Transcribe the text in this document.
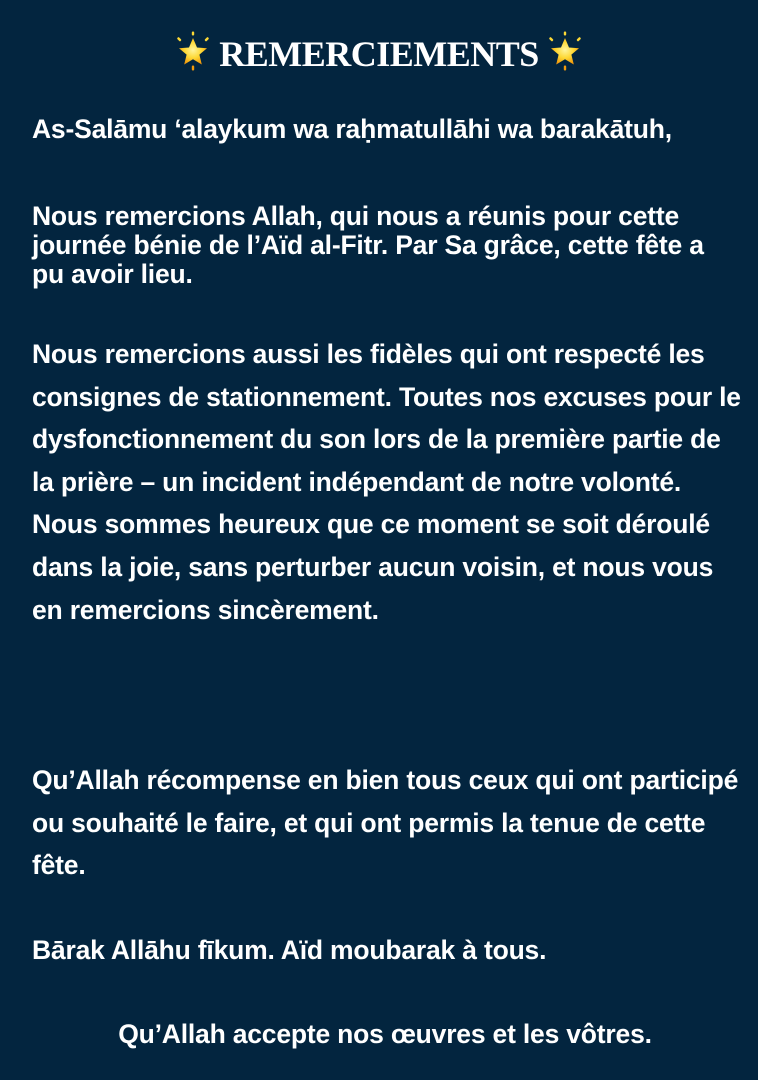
REMERCIEMENTS

As-Salāmu ‘alaykum wa raḥmatullāhi wa barakātuh,

Nous remercions Allah, qui nous a réunis pour cette journée bénie de l’Aïd al-Fitr. Par Sa grâce, cette fête a pu avoir lieu.

Nous remercions aussi les fidèles qui ont respecté les consignes de stationnement. Toutes nos excuses pour le dysfonctionnement du son lors de la première partie de la prière – un incident indépendant de notre volonté. Nous sommes heureux que ce moment se soit déroulé dans la joie, sans perturber aucun voisin, et nous vous en remercions sincèrement.

Qu’Allah récompense en bien tous ceux qui ont participé ou souhaité le faire, et qui ont permis la tenue de cette fête.

Bārak Allāhu fīkum. Aïd moubarak à tous.

Qu’Allah accepte nos œuvres et les vôtres.
